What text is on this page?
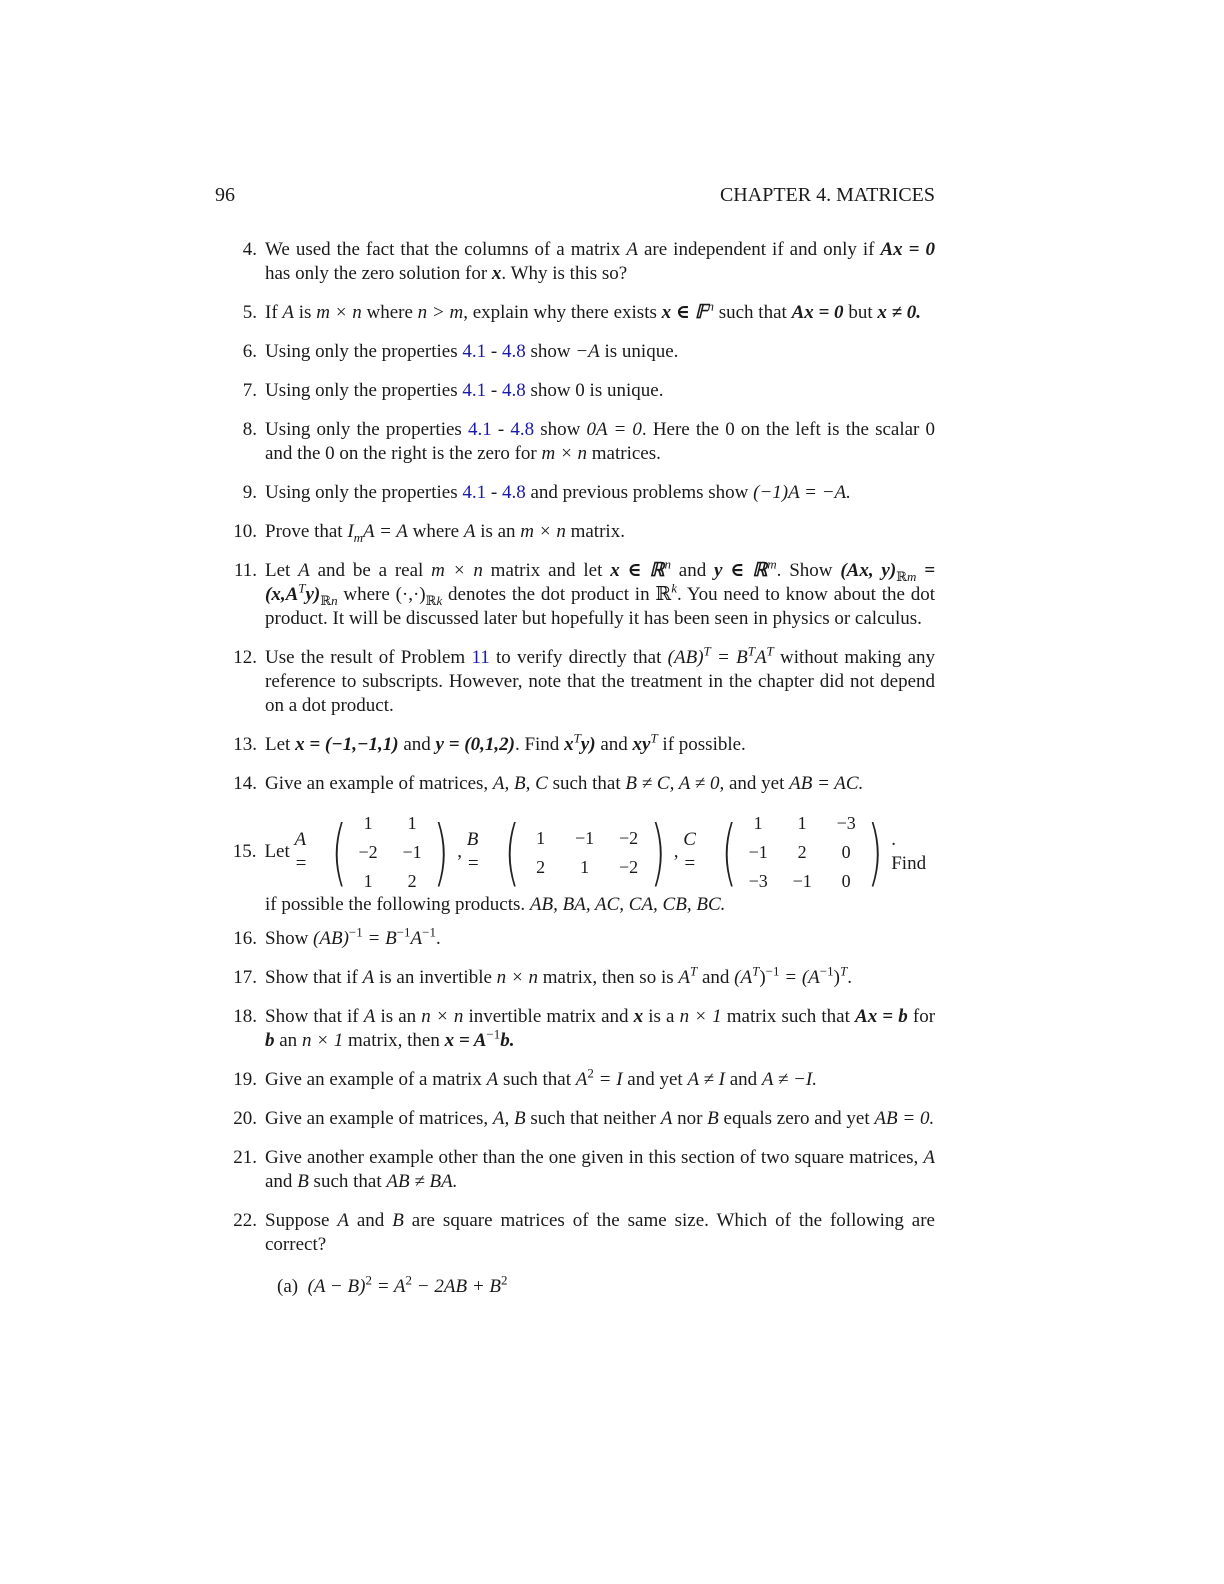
96	CHAPTER 4. MATRICES
4. We used the fact that the columns of a matrix A are independent if and only if Ax = 0 has only the zero solution for x. Why is this so?
5. If A is m × n where n > m, explain why there exists x ∈ 𝔽$^n$ such that Ax = 0 but x ≠ 0.
6. Using only the properties 4.1 - 4.8 show −A is unique.
7. Using only the properties 4.1 - 4.8 show 0 is unique.
8. Using only the properties 4.1 - 4.8 show 0A = 0. Here the 0 on the left is the scalar 0 and the 0 on the right is the zero for m × n matrices.
9. Using only the properties 4.1 - 4.8 and previous problems show (−1)A = −A.
10. Prove that $I_mA = A$ where A is an m × n matrix.
11. Let A and be a real m × n matrix and let x ∈ ℝ$^n$ and y ∈ ℝ$^m$. Show (Ax, $y)_{ℝm} = (x,A^Ty)_{ℝn}$ where $(\cdot,\cdot)_{ℝk}$ denotes the dot product in ℝ$^k$. You need to know about the dot product. It will be discussed later but hopefully it has been seen in physics or calculus.
12. Use the result of Problem 11 to verify directly that $(AB)^T = B^TA^T$ without making any reference to subscripts. However, note that the treatment in the chapter did not depend on a dot product.
13. Let x = (−1,−1,1) and y = (0,1,2). Find $x^Ty$) and $xy^T$ if possible.
14. Give an example of matrices, A, B, C such that B ≠ C, A ≠ 0, and yet AB = AC.
15. Let

A = ( 1	1
−2	−1
1	2 ) ,

B = ( 1	−1	−2
2	1	−2 ) ,

C = ( 1	1	−3
−1	2	0
−3	−1	0 ) . Find
if possible the following products. AB, BA, AC, CA, CB, BC.
16. Show $(AB)^{-1} = B^{-1}A^{-1}$.
17. Show that if A is an invertible n × n matrix, then so is $A^T$ and $(A^T)^{-1} = (A^{-1})^T$.
18. Show that if A is an n × n invertible matrix and x is a n × 1 matrix such that Ax = b for b an n × 1 matrix, then $x = A^{-1}b$.
19. Give an example of a matrix A such that $A^2 = I$ and yet A ≠ I and A ≠ −I.
20. Give an example of matrices, A, B such that neither A nor B equals zero and yet AB = 0.
21. Give another example other than the one given in this section of two square matrices, A and B such that AB ≠ BA.
22. Suppose A and B are square matrices of the same size. Which of the following are correct?
(a) $(A - B)^2 = A^2 - 2AB + B^2$
